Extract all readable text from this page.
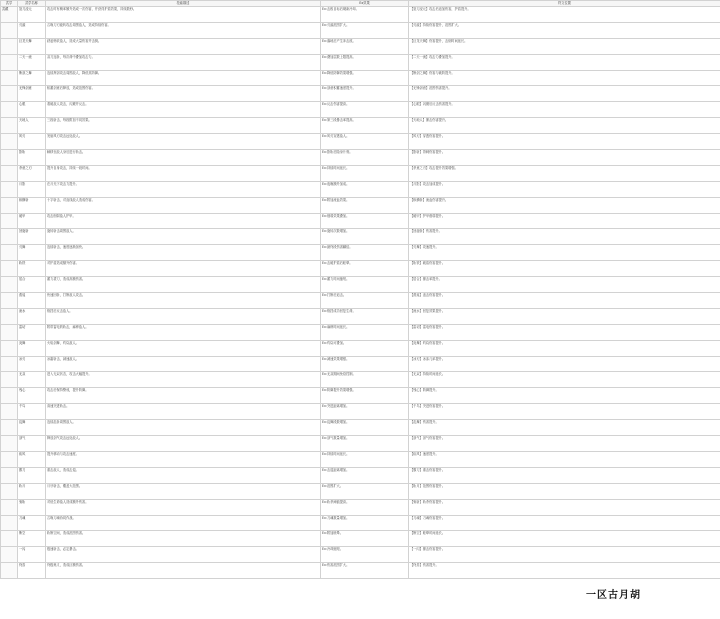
武学	武学名称	技能描述	Ex效果	符文位置
武藏	怒刀浸元	攻击时有概率额外造成一次伤害，并获得护盾效果，持续数秒。	Ex:击败目标后刷新冷却。	【怒刀浸元】攻击后追加伤害，护盾提升。
	刃漩	召唤刀刃旋转攻击周围敌人，造成持续伤害。	Ex:刃漩范围扩大。	【刃漩】持续伤害提升，范围扩大。
	巨龙天舞	跃起劈砍敌人，造成大量伤害并击倒。	Ex:落地后产生冲击波。	【巨龙天舞】伤害提升，击倒时间延长。
	二天一流	双刀连斩，每次命中叠加攻击力。	Ex:叠加层数上限提高。	【二天一流】攻击力叠加提升。
	断剑之舞	连续挥剑攻击周围敌人，降低其防御。	Ex:降低防御效果增强。	【断剑之舞】伤害与破防提升。
	无锋剑意	积蓄剑意后释放，造成范围伤害。	Ex:剑意积蓄速度提升。	【无锋剑意】范围伤害提升。
	心眼	看破敌人攻击，闪避并反击。	Ex:反击伤害提高。	【心眼】闪避后反击伤害提升。
	天地人	三段斩击，每段附加不同效果。	Ex:第三段暴击率提高。	【天地人】暴击伤害提升。
	风刃	发射风刃攻击远处敌人。	Ex:风刃穿透敌人。	【风刃】穿透伤害提升。
	影斩	瞬移至敌人身后进行斩击。	Ex:影斩后隐身片刻。	【影斩】背刺伤害提升。
	杀意之刃	提升自身攻击，持续一段时间。	Ex:持续时间延长。	【杀意之刃】攻击提升效果增强。
	月影	在月光下攻击力提升。	Ex:夜晚额外加成。	【月影】攻击加成提升。
	纵横斩	十字斩击，对直线敌人造成伤害。	Ex:附加流血效果。	【纵横斩】流血伤害提升。
	破甲	攻击削弱敌人护甲。	Ex:削弱效果叠加。	【破甲】护甲削弱提升。
	回旋斩	旋转斩击周围敌人。	Ex:旋转次数增加。	【回旋斩】伤害提升。
	刃舞	连续斩击，速度逐渐加快。	Ex:最终段伤害翻倍。	【刃舞】攻速提升。
	斩铁	对护盾造成额外伤害。	Ex:击破护盾后眩晕。	【斩铁】破盾伤害提升。
	居合	蓄力拔刀，造成高额伤害。	Ex:蓄力时间缩短。	【居合】暴击率提升。
	燕返	快速回斩，打断敌人攻击。	Ex:打断后追击。	【燕返】追击伤害提升。
	流水	格挡后反击敌人。	Ex:格挡成功回复生命。	【流水】回复效果提升。
	雷切	附带雷电的斩击，麻痹敌人。	Ex:麻痹时间延长。	【雷切】雷电伤害提升。
	炎舞	火焰剑舞，灼烧敌人。	Ex:灼烧可叠加。	【炎舞】灼烧伤害提升。
	冰刃	冰霜斩击，减速敌人。	Ex:减速效果增强。	【冰刃】冰冻几率提升。
	无双	进入无双状态，攻击大幅提升。	Ex:无双期间免疫控制。	【无双】持续时间延长。
	残心	攻击后保持警戒，提升防御。	Ex:防御提升效果增强。	【残心】防御提升。
	千鸟	高速突进斩击。	Ex:突进距离增加。	【千鸟】突进伤害提升。
	乱舞	连续乱斩周围敌人。	Ex:乱舞段数增加。	【乱舞】伤害提升。
	剑气	释放剑气攻击远处敌人。	Ex:剑气数量增加。	【剑气】剑气伤害提升。
	疾风	提升移动与攻击速度。	Ex:持续时间延长。	【疾风】速度提升。
	霸刀	重击敌人，造成击退。	Ex:击退距离增加。	【霸刀】重击伤害提升。
	斩月	月牙斩击，覆盖大范围。	Ex:范围扩大。	【斩月】范围伤害提升。
	鬼斩	对低生命敌人造成额外伤害。	Ex:斩杀阈值提高。	【鬼斩】斩杀伤害提升。
	刀魂	召唤刀魂协同作战。	Ex:刀魂数量增加。	【刀魂】刀魂伤害提升。
	断空	斩断空间，造成范围伤害。	Ex:附加眩晕。	【断空】眩晕时间延长。
	一闪	极速斩击，必定暴击。	Ex:冷却缩短。	【一闪】暴击伤害提升。
	终焉	终极奥义，造成巨额伤害。	Ex:伤害范围扩大。	【终焉】伤害提升。
一区古月胡
